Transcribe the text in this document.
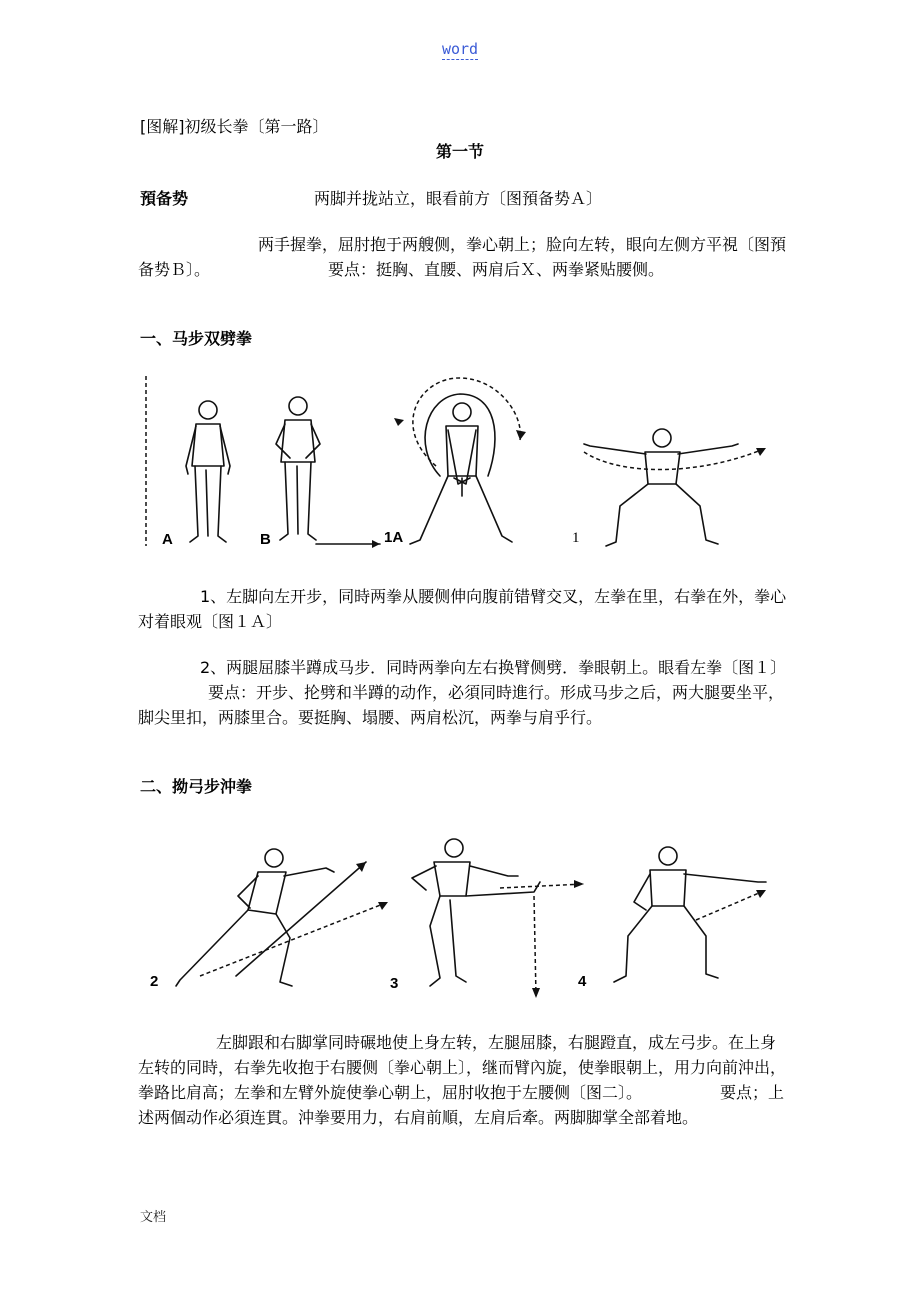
word
[图解]初级长拳〔第一路〕
第一节
預备势	两脚并拢站立，眼看前方〔图預备势Ａ〕
两手握拳，屈肘抱于两艘侧，拳心朝上；脸向左转，眼向左侧方平視〔图預备势Ｂ〕。	要点：挺胸、直腰、两肩后Ｘ、两拳紧贴腰侧。
一、马步双劈拳
A	B	1A	1
1、左脚向左开步，同時两拳从腰侧伸向腹前错臂交叉，左拳在里，右拳在外，拳心对着眼观〔图１Ａ〕
2、两腿屈膝半蹲成马步．同時两拳向左右换臂侧劈．拳眼朝上。眼看左拳〔图１〕要点：开步、抡劈和半蹲的动作，必須同時進行。形成马步之后，两大腿要坐平，脚尖里扣，两膝里合。要挺胸、塌腰、两肩松沉，两拳与肩乎行。
二、拗弓步沖拳
2	3	4
左脚跟和右脚掌同時碾地使上身左转，左腿屈膝，右腿蹬直，成左弓步。在上身左转的同時，右拳先收抱于右腰侧〔拳心朝上〕，继而臂內旋，使拳眼朝上，用力向前沖出，拳路比肩高；左拳和左臂外旋使拳心朝上，屈肘收抱于左腰侧〔图二〕。	要点；上述两個动作必須连貫。沖拳要用力，右肩前順，左肩后牽。两脚脚掌全部着地。
文档
